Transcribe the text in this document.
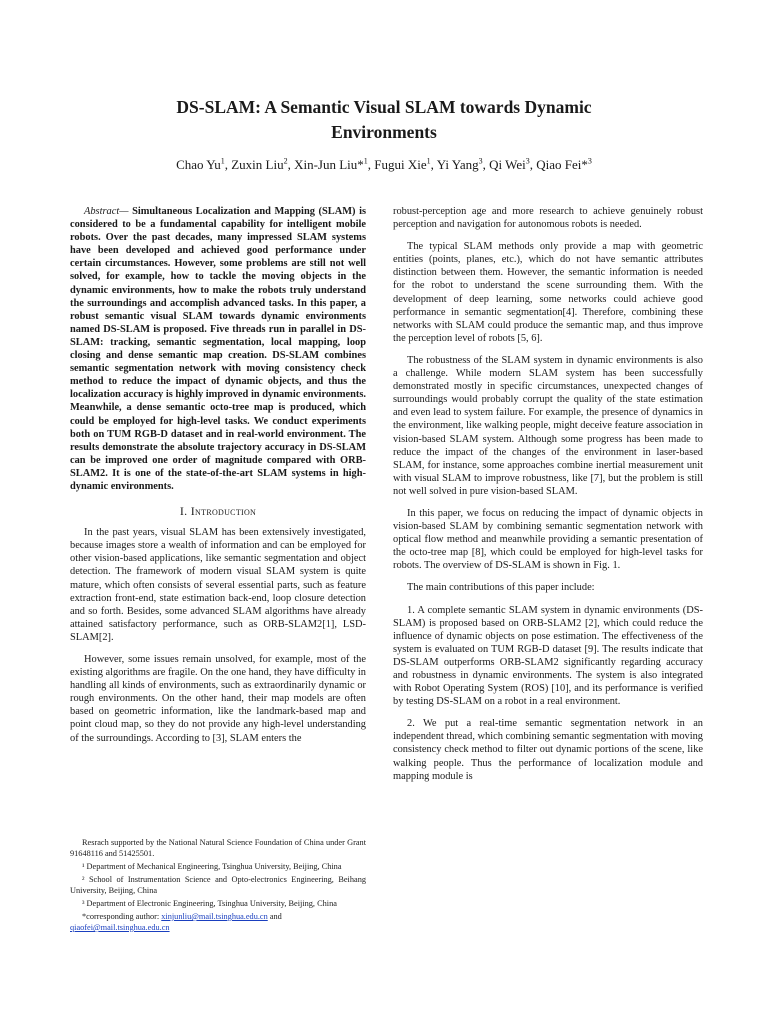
DS-SLAM: A Semantic Visual SLAM towards Dynamic
Environments
Chao Yu$^1$, Zuxin Liu$^2$, Xin-Jun Liu*$^1$, Fugui Xie$^1$, Yi Yang$^3$, Qi Wei$^3$, Qiao Fei*$^3$

Abstract— Simultaneous Localization and Mapping (SLAM) is considered to be a fundamental capability for intelligent mobile robots. Over the past decades, many impressed SLAM systems have been developed and achieved good performance under certain circumstances. However, some problems are still not well solved, for example, how to tackle the moving objects in the dynamic environments, how to make the robots truly understand the surroundings and accomplish advanced tasks. In this paper, a robust semantic visual SLAM towards dynamic environments named DS-SLAM is proposed. Five threads run in parallel in DS-SLAM: tracking, semantic segmentation, local mapping, loop closing and dense semantic map creation. DS-SLAM combines semantic segmentation network with moving consistency check method to reduce the impact of dynamic objects, and thus the localization accuracy is highly improved in dynamic environments. Meanwhile, a dense semantic octo-tree map is produced, which could be employed for high-level tasks. We conduct experiments both on TUM RGB-D dataset and in real-world environment. The results demonstrate the absolute trajectory accuracy in DS-SLAM can be improved one order of magnitude compared with ORB-SLAM2. It is one of the state-of-the-art SLAM systems in high-dynamic environments.

I. Introduction

In the past years, visual SLAM has been extensively investigated, because images store a wealth of information and can be employed for other vision-based applications, like semantic segmentation and object detection. The framework of modern visual SLAM system is quite mature, which often consists of several essential parts, such as feature extraction front-end, state estimation back-end, loop closure detection and so forth. Besides, some advanced SLAM algorithms have already attained satisfactory performance, such as ORB-SLAM2[1], LSD-SLAM[2].

However, some issues remain unsolved, for example, most of the existing algorithms are fragile. On the one hand, they have difficulty in handling all kinds of environments, such as extraordinarily dynamic or rough environments. On the other hand, their map models are often based on geometric information, like the landmark-based map and point cloud map, so they do not provide any high-level understanding of the surroundings. According to [3], SLAM enters the

Resrach supported by the National Natural Science Foundation of China under Grant 91648116 and 51425501.
¹ Department of Mechanical Engineering, Tsinghua University, Beijing, China
² School of Instrumentation Science and Opto-electronics Engineering, Beihang University, Beijing, China
³ Department of Electronic Engineering, Tsinghua University, Beijing, China
*corresponding author: xinjunliu@mail.tsinghua.edu.cn and
qiaofei@mail.tsinghua.edu.cn

robust-perception age and more research to achieve genuinely robust perception and navigation for autonomous robots is needed.

The typical SLAM methods only provide a map with geometric entities (points, planes, etc.), which do not have semantic attributes distinction between them. However, the semantic information is needed for the robot to understand the scene surrounding them. With the development of deep learning, some networks could achieve good performance in semantic segmentation[4]. Therefore, combining these networks with SLAM could produce the semantic map, and thus improve the perception level of robots [5, 6].

The robustness of the SLAM system in dynamic environments is also a challenge. While modern SLAM system has been successfully demonstrated mostly in specific circumstances, unexpected changes of surroundings would probably corrupt the quality of the state estimation and even lead to system failure. For example, the presence of dynamics in the environment, like walking people, might deceive feature association in vision-based SLAM system. Although some progress has been made to reduce the impact of the changes of the environment in laser-based SLAM, for instance, some approaches combine inertial measurement unit with visual SLAM to improve robustness, like [7], but the problem is still not well solved in pure vision-based SLAM.

In this paper, we focus on reducing the impact of dynamic objects in vision-based SLAM by combining semantic segmentation network with optical flow method and meanwhile providing a semantic presentation of the octo-tree map [8], which could be employed for high-level tasks for robots. The overview of DS-SLAM is shown in Fig. 1.

The main contributions of this paper include:

1. A complete semantic SLAM system in dynamic environments (DS-SLAM) is proposed based on ORB-SLAM2 [2], which could reduce the influence of dynamic objects on pose estimation. The effectiveness of the system is evaluated on TUM RGB-D dataset [9]. The results indicate that DS-SLAM outperforms ORB-SLAM2 significantly regarding accuracy and robustness in dynamic environments. The system is also integrated with Robot Operating System (ROS) [10], and its performance is verified by testing DS-SLAM on a robot in a real environment.

2. We put a real-time semantic segmentation network in an independent thread, which combining semantic segmentation with moving consistency check method to filter out dynamic portions of the scene, like walking people. Thus the performance of localization module and mapping module is
